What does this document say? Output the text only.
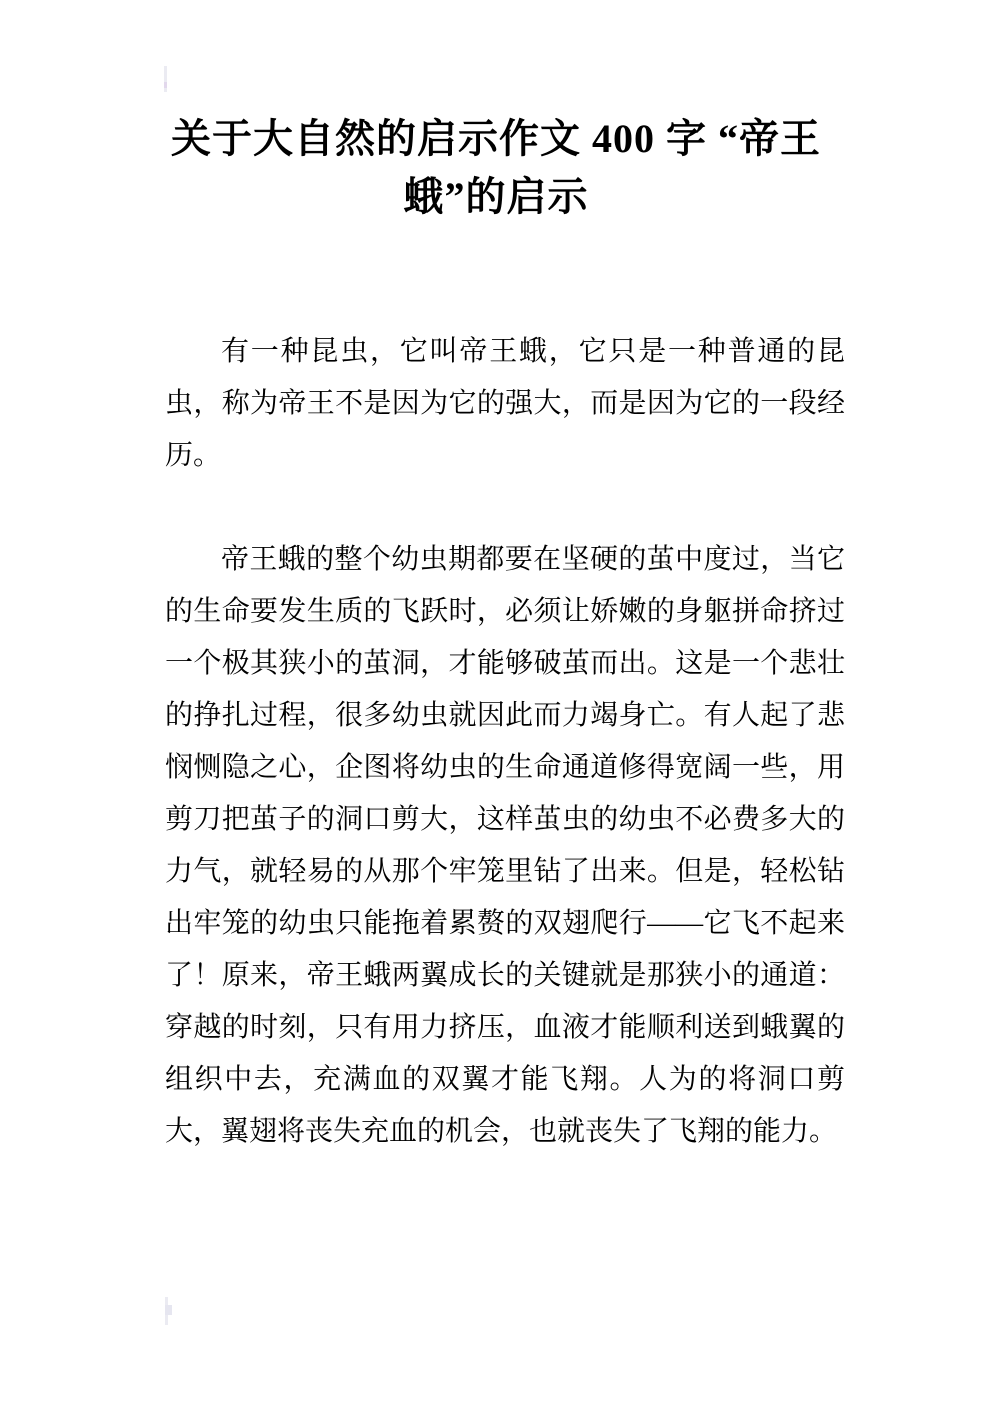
关于大自然的启示作文 400 字 “帝王
蛾”的启示

有一种昆虫，它叫帝王蛾，它只是一种普通的昆虫，称为帝王不是因为它的强大，而是因为它的一段经历。

帝王蛾的整个幼虫期都要在坚硬的茧中度过，当它的生命要发生质的飞跃时，必须让娇嫩的身躯拼命挤过一个极其狭小的茧洞，才能够破茧而出。这是一个悲壮的挣扎过程，很多幼虫就因此而力竭身亡。有人起了悲悯恻隐之心，企图将幼虫的生命通道修得宽阔一些，用剪刀把茧子的洞口剪大，这样茧虫的幼虫不必费多大的力气，就轻易的从那个牢笼里钻了出来。但是，轻松钻出牢笼的幼虫只能拖着累赘的双翅爬行——它飞不起来了！原来，帝王蛾两翼成长的关键就是那狭小的通道：穿越的时刻，只有用力挤压，血液才能顺利送到蛾翼的组织中去，充满血的双翼才能飞翔。人为的将洞口剪大，翼翅将丧失充血的机会，也就丧失了飞翔的能力。
